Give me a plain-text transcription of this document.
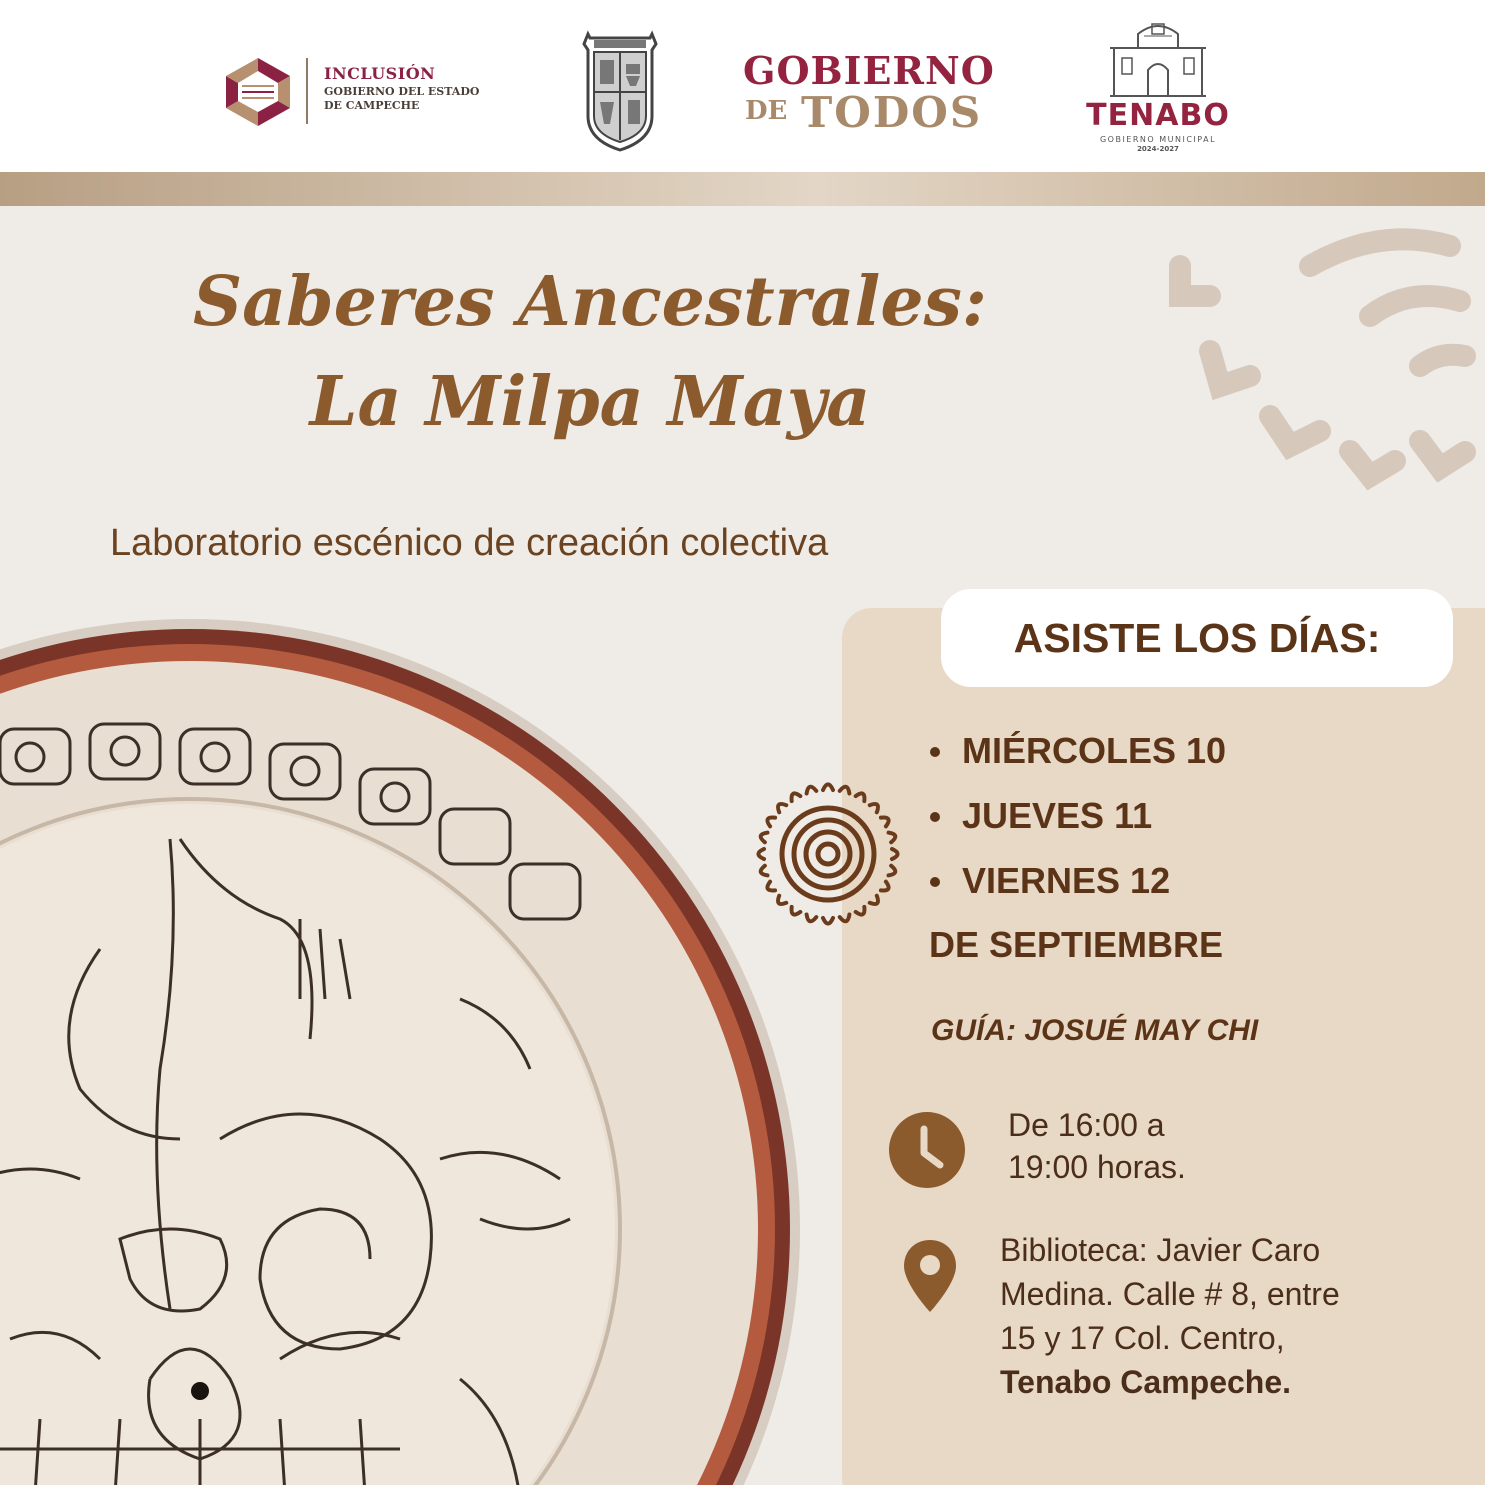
INCLUSIÓN
GOBIERNO DEL ESTADO
DE CAMPECHE
GOBIERNO
DE TODOS	TENABO
GOBIERNO MUNICIPAL
2024-2027
Saberes Ancestrales:
La Milpa Maya
Laboratorio escénico de creación colectiva
ASISTE LOS DÍAS:
MIÉRCOLES 10
JUEVES 11
VIERNES 12
DE SEPTIEMBRE
GUÍA: JOSUÉ MAY CHI
De 16:00 a
19:00 horas.
Biblioteca: Javier Caro
Medina. Calle # 8, entre
15 y 17 Col. Centro,
Tenabo Campeche.
